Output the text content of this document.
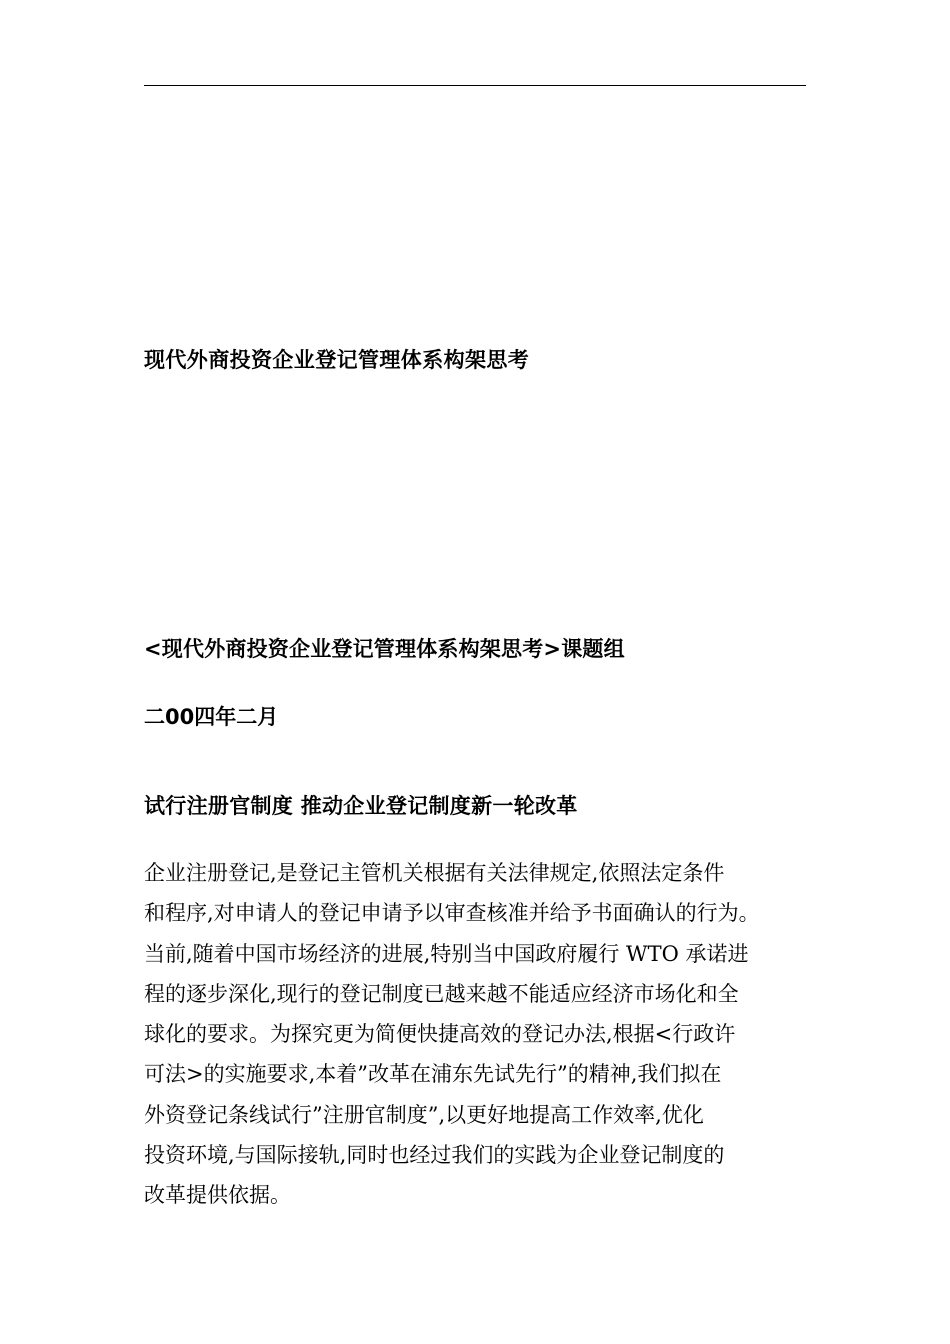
现代外商投资企业登记管理体系构架思考
<现代外商投资企业登记管理体系构架思考>课题组
二00四年二月
试行注册官制度 推动企业登记制度新一轮改革
企业注册登记,是登记主管机关根据有关法律规定,依照法定条件
和程序,对申请人的登记申请予以审查核准并给予书面确认的行为。
当前,随着中国市场经济的进展,特别当中国政府履行 WTO 承诺进
程的逐步深化,现行的登记制度已越来越不能适应经济市场化和全
球化的要求。为探究更为简便快捷高效的登记办法,根据<行政许
可法>的实施要求,本着”改革在浦东先试先行”的精神,我们拟在
外资登记条线试行”注册官制度”,以更好地提高工作效率,优化
投资环境,与国际接轨,同时也经过我们的实践为企业登记制度的
改革提供依据。
